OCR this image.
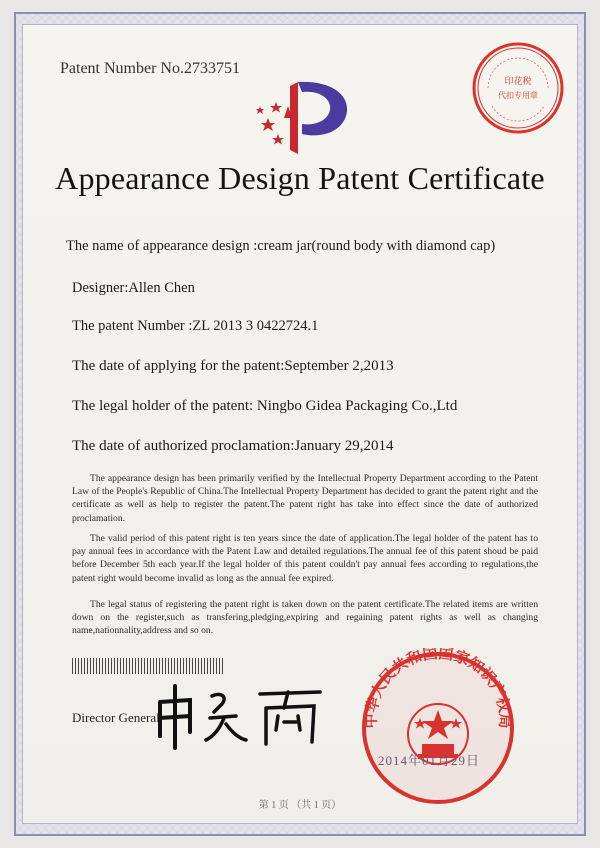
Patent Number No.2733751
印花税
代扣专用章
Appearance Design Patent Certificate
The name of appearance design :cream jar(round body with diamond cap)
Designer:Allen Chen
The patent Number :ZL 2013 3 0422724.1
The date of applying for the patent:September 2,2013
The legal holder of the patent: Ningbo Gidea Packaging Co.,Ltd
The date of authorized proclamation:January 29,2014
The appearance design has been primarily verified by the Intellectual Property Department according to the Patent Law of the People's Republic of China.The Intellectual Property Department has decided to grant the patent right and the certificate as well as help to register the patent.The patent right has take into effect since the date of authorized proclamation.
The valid period of this patent right is ten years since the date of application.The legal holder of the patent has to pay annual fees in accordance with the Patent Law and detailed regulations.The annual fee of this patent shoud be paid before December 5th each year.If the legal holder of this patent couldn't pay annual fees according to regulations,the patent right would become invalid as long as the annual fee expired.
The legal status of registering the patent right is taken down on the patent certificate.The related items are written down on the register,such as transfering,pledging,expiring and regaining patent rights as well as changing name,nationnality,address and so on.
Director General	中华人民共和国国家知识产权局
2014年01月29日
第 1 页 （共 1 页）
